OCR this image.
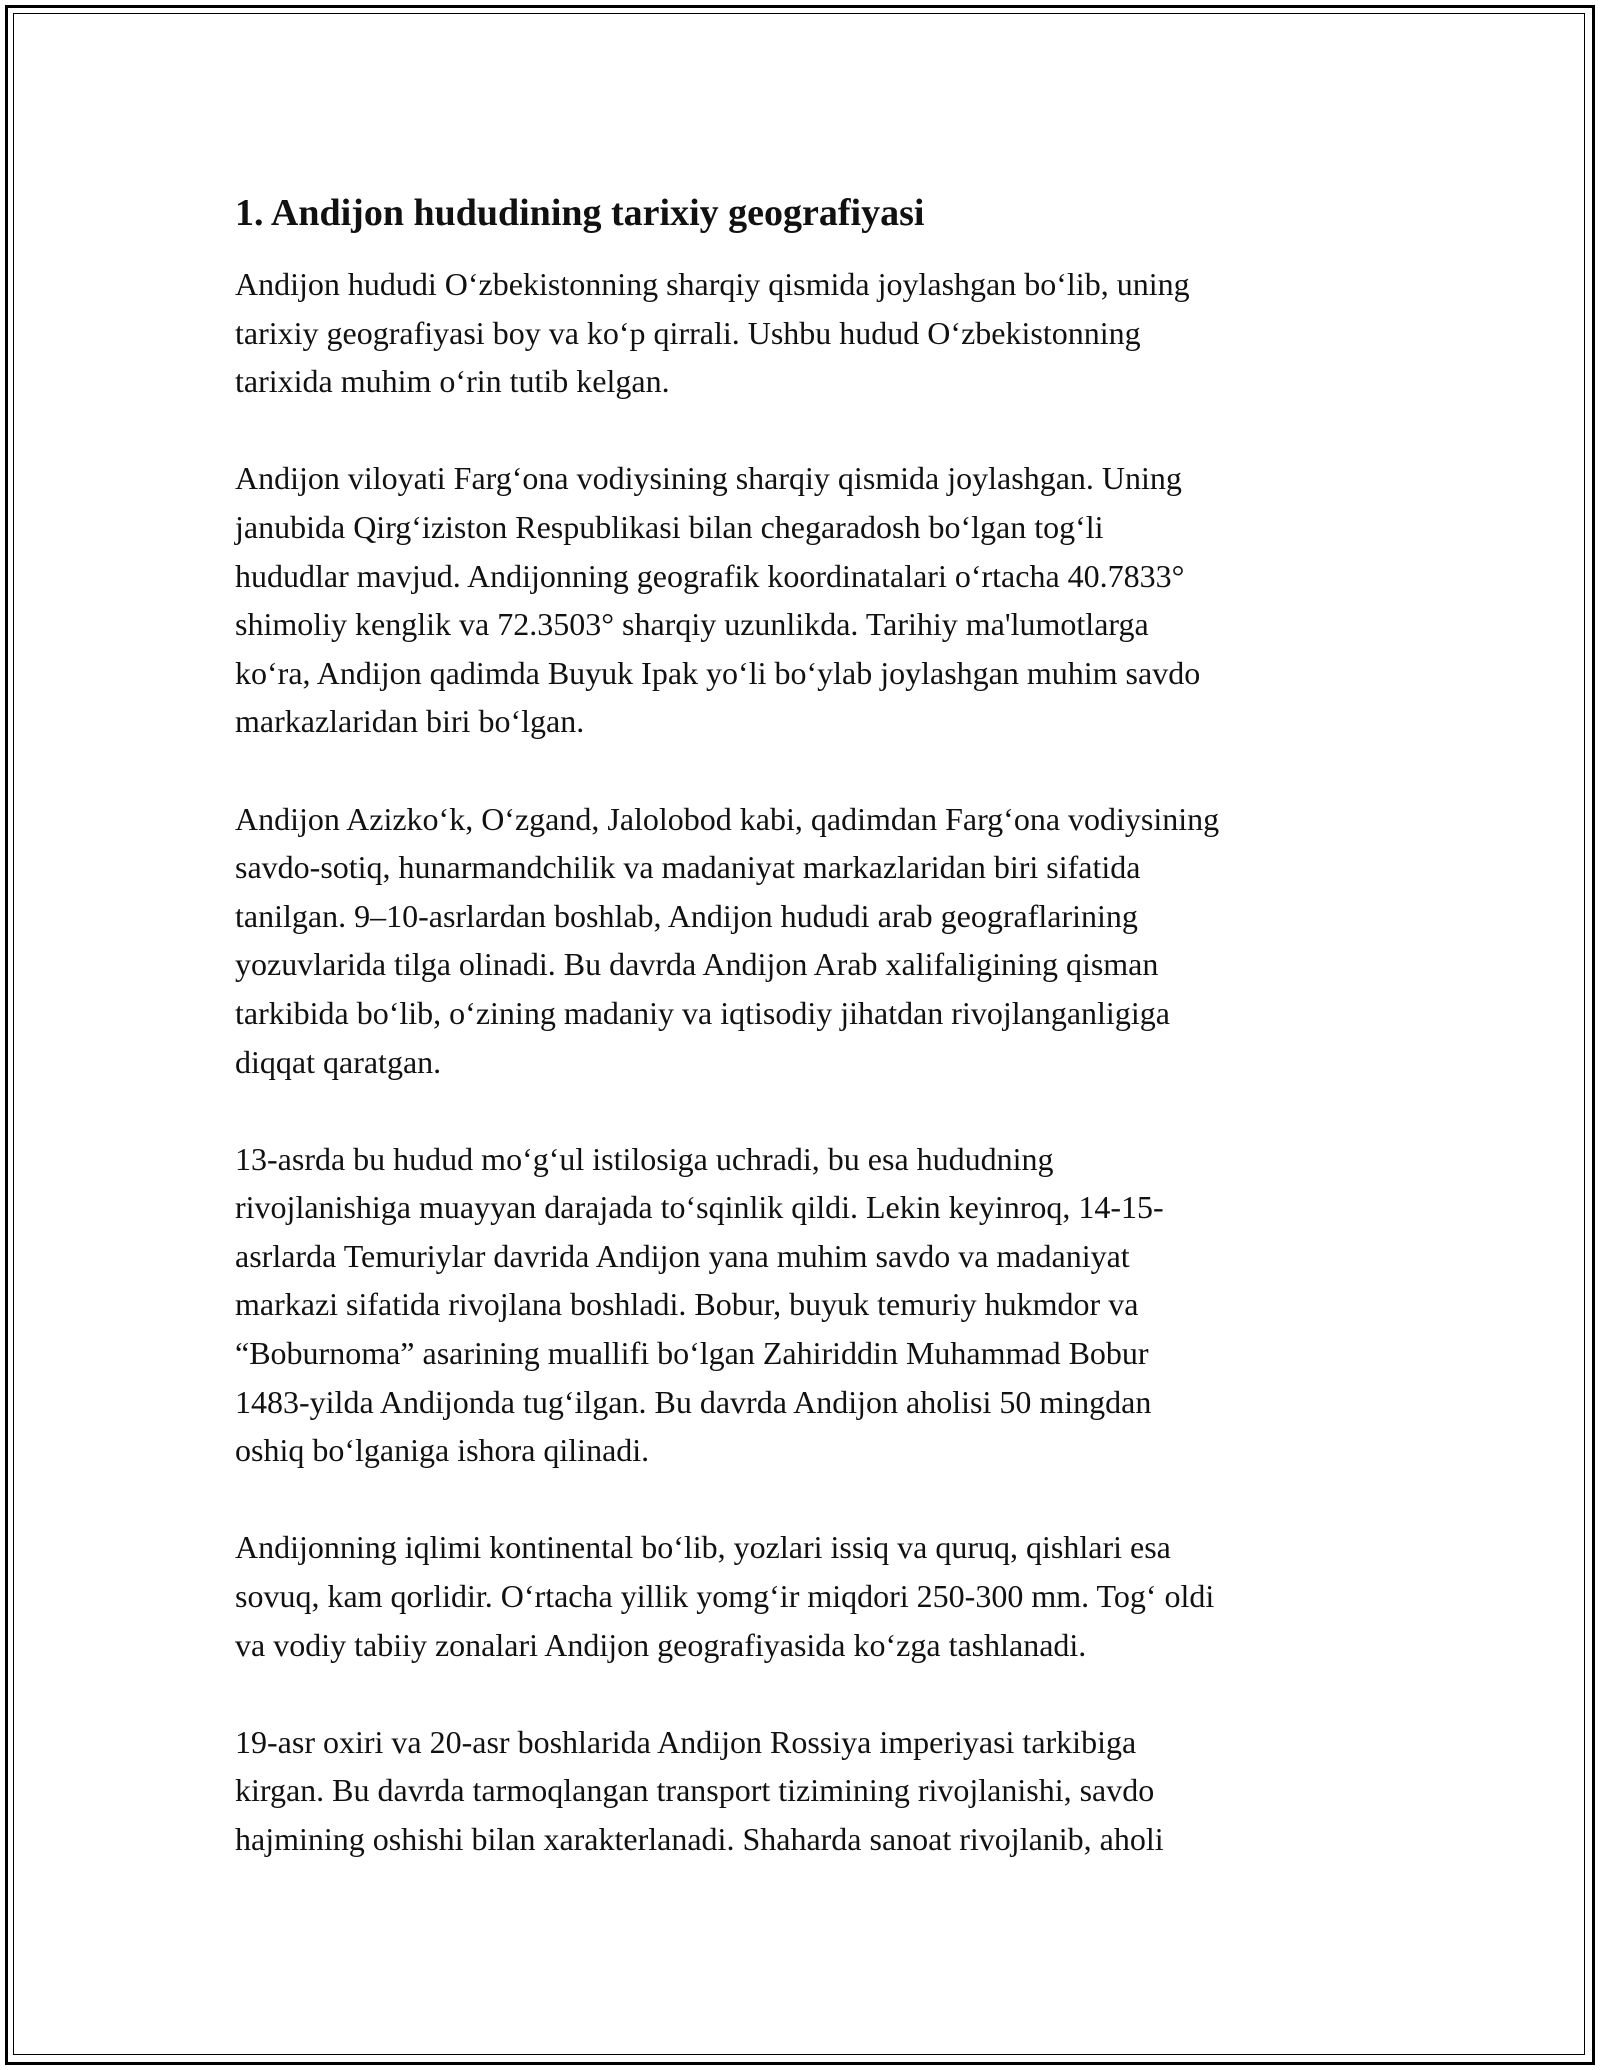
1. Andijon hududining tarixiy geografiyasi

Andijon hududi O‘zbekistonning sharqiy qismida joylashgan bo‘lib, uning
tarixiy geografiyasi boy va ko‘p qirrali. Ushbu hudud O‘zbekistonning
tarixida muhim o‘rin tutib kelgan.

Andijon viloyati Farg‘ona vodiysining sharqiy qismida joylashgan. Uning
janubida Qirg‘iziston Respublikasi bilan chegaradosh bo‘lgan tog‘li
hududlar mavjud. Andijonning geografik koordinatalari o‘rtacha 40.7833°
shimoliy kenglik va 72.3503° sharqiy uzunlikda. Tarihiy ma'lumotlarga
ko‘ra, Andijon qadimda Buyuk Ipak yo‘li bo‘ylab joylashgan muhim savdo
markazlaridan biri bo‘lgan.

Andijon Azizko‘k, O‘zgand, Jalolobod kabi, qadimdan Farg‘ona vodiysining
savdo-sotiq, hunarmandchilik va madaniyat markazlaridan biri sifatida
tanilgan. 9–10-asrlardan boshlab, Andijon hududi arab geograflarining
yozuvlarida tilga olinadi. Bu davrda Andijon Arab xalifaligining qisman
tarkibida bo‘lib, o‘zining madaniy va iqtisodiy jihatdan rivojlanganligiga
diqqat qaratgan.

13-asrda bu hudud mo‘g‘ul istilosiga uchradi, bu esa hududning
rivojlanishiga muayyan darajada to‘sqinlik qildi. Lekin keyinroq, 14-15-
asrlarda Temuriylar davrida Andijon yana muhim savdo va madaniyat
markazi sifatida rivojlana boshladi. Bobur, buyuk temuriy hukmdor va
“Boburnoma” asarining muallifi bo‘lgan Zahiriddin Muhammad Bobur
1483-yilda Andijonda tug‘ilgan. Bu davrda Andijon aholisi 50 mingdan
oshiq bo‘lganiga ishora qilinadi.

Andijonning iqlimi kontinental bo‘lib, yozlari issiq va quruq, qishlari esa
sovuq, kam qorlidir. O‘rtacha yillik yomg‘ir miqdori 250-300 mm. Tog‘ oldi
va vodiy tabiiy zonalari Andijon geografiyasida ko‘zga tashlanadi.

19-asr oxiri va 20-asr boshlarida Andijon Rossiya imperiyasi tarkibiga
kirgan. Bu davrda tarmoqlangan transport tizimining rivojlanishi, savdo
hajmining oshishi bilan xarakterlanadi. Shaharda sanoat rivojlanib, aholi
